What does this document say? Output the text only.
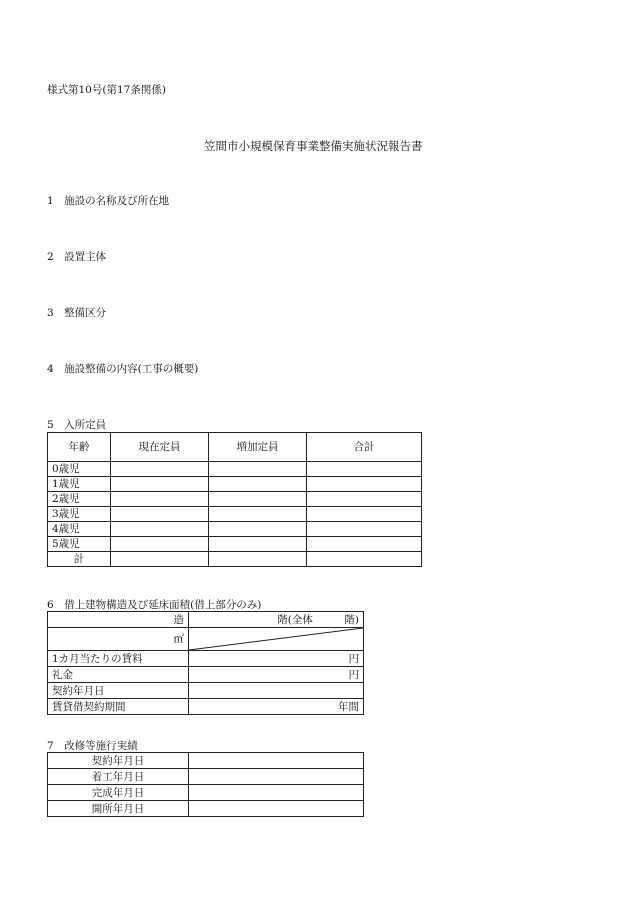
様式第10号(第17条関係)
笠間市小規模保育事業整備実施状況報告書
1　施設の名称及び所在地
2　設置主体
3　整備区分
4　施設整備の内容(工事の概要)
5　入所定員
年齢	現在定員	増加定員	合計
0歳児			
1歳児			
2歳児			
3歳児			
4歳児			
5歳児			
計			
6　借上建物構造及び延床面積(借上部分のみ)
造	階(全体　　　階)
㎡	

1カ月当たりの賃料	円
礼金	円
契約年月日	
賃貸借契約期間	年間
7　改修等施行実績
契約年月日	
着工年月日	
完成年月日	
開所年月日	
